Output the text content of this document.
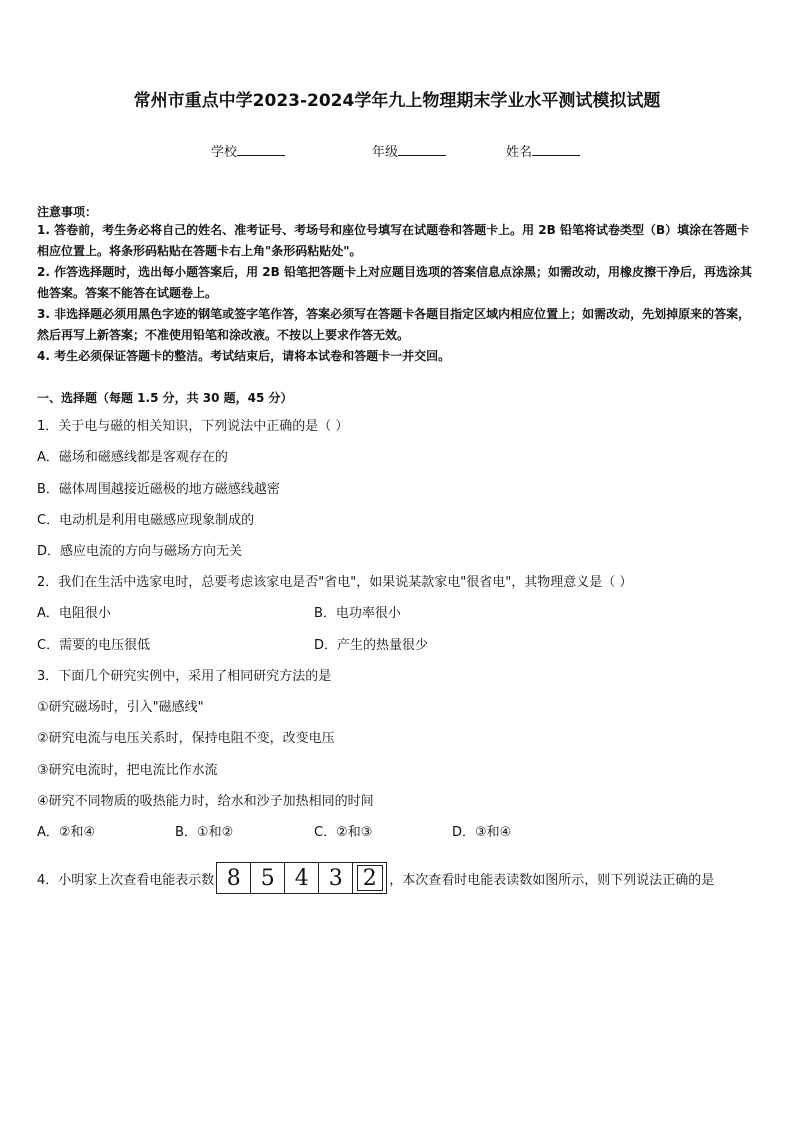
常州市重点中学2023-2024学年九上物理期末学业水平测试模拟试题
学校	年级	姓名
注意事项：
1. 答卷前，考生务必将自己的姓名、准考证号、考场号和座位号填写在试题卷和答题卡上。用 2B 铅笔将试卷类型（B）填涂在答题卡相应位置上。将条形码粘贴在答题卡右上角"条形码粘贴处"。
2. 作答选择题时，选出每小题答案后，用 2B 铅笔把答题卡上对应题目选项的答案信息点涂黑；如需改动，用橡皮擦干净后，再选涂其他答案。答案不能答在试题卷上。
3. 非选择题必须用黑色字迹的钢笔或签字笔作答，答案必须写在答题卡各题目指定区域内相应位置上；如需改动，先划掉原来的答案，然后再写上新答案；不准使用铅笔和涂改液。不按以上要求作答无效。
4. 考生必须保证答题卡的整洁。考试结束后，请将本试卷和答题卡一并交回。
一、选择题（每题 1.5 分，共 30 题，45 分）
1．关于电与磁的相关知识，下列说法中正确的是（ ）
A．磁场和磁感线都是客观存在的
B．磁体周围越接近磁极的地方磁感线越密
C．电动机是利用电磁感应现象制成的
D．感应电流的方向与磁场方向无关
2．我们在生活中选家电时，总要考虑该家电是否"省电"，如果说某款家电"很省电"，其物理意义是（ ）
A．电阻很小	B．电功率很小
C．需要的电压很低	D．产生的热量很少
3．下面几个研究实例中，采用了相同研究方法的是
①研究磁场时，引入"磁感线"
②研究电流与电压关系时，保持电阻不变，改变电压
③研究电流时，把电流比作水流
④研究不同物质的吸热能力时，给水和沙子加热相同的时间
A．②和④	B．①和②	C．②和③	D．③和④
4．小明家上次查看电能表示数 8 5 4 3 2 ，本次查看时电能表读数如图所示，则下列说法正确的是
